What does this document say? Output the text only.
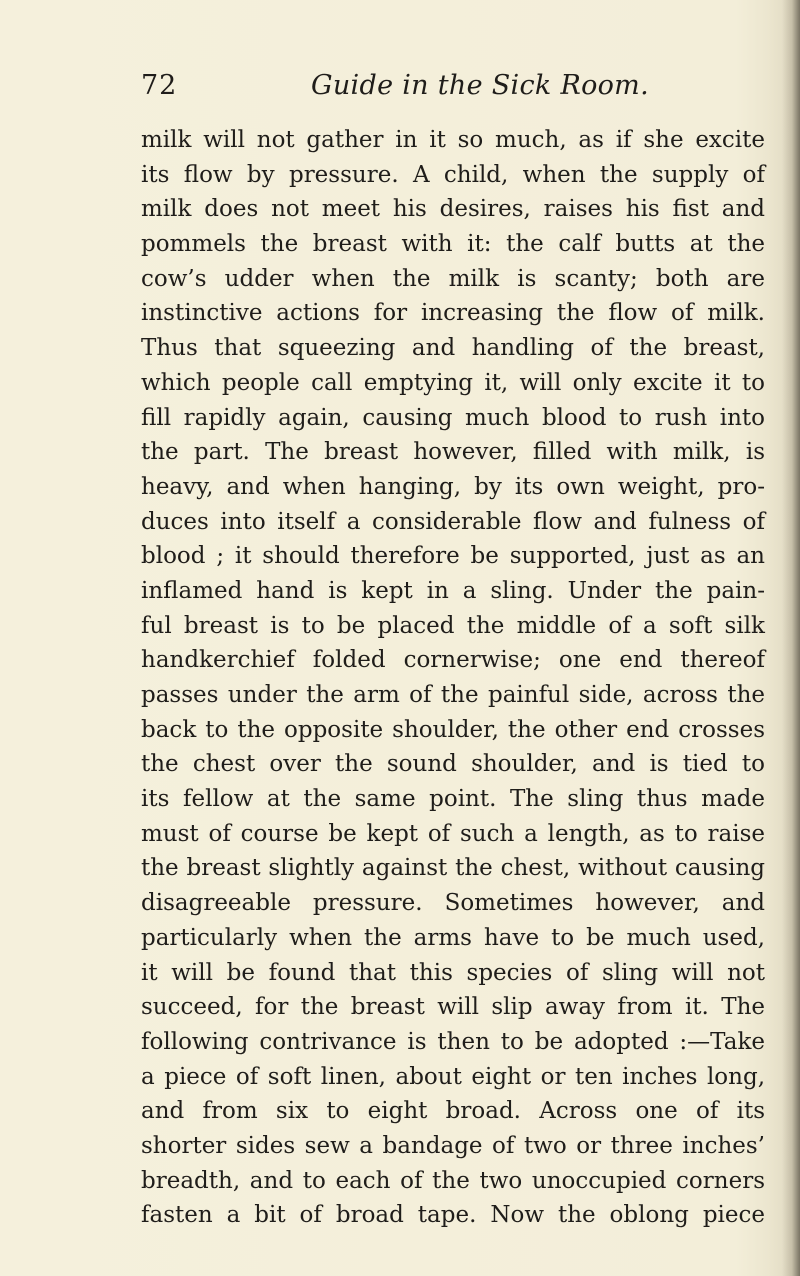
72	Guide in the Sick Room.
milk will not gather in it so much, as if she excite
its flow by pressure. A child, when the supply of
milk does not meet his desires, raises his fist and
pommels the breast with it: the calf butts at the
cow’s udder when the milk is scanty; both are
instinctive actions for increasing the flow of milk.
Thus that squeezing and handling of the breast,
which people call emptying it, will only excite it to
fill rapidly again, causing much blood to rush into
the part. The breast however, filled with milk, is
heavy, and when hanging, by its own weight, pro-
duces into itself a considerable flow and fulness of
blood ; it should therefore be supported, just as an
inflamed hand is kept in a sling. Under the pain-
ful breast is to be placed the middle of a soft silk
handkerchief folded cornerwise; one end thereof
passes under the arm of the painful side, across the
back to the opposite shoulder, the other end crosses
the chest over the sound shoulder, and is tied to
its fellow at the same point. The sling thus made
must of course be kept of such a length, as to raise
the breast slightly against the chest, without causing
disagreeable pressure. Sometimes however, and
particularly when the arms have to be much used,
it will be found that this species of sling will not
succeed, for the breast will slip away from it. The
following contrivance is then to be adopted :—Take
a piece of soft linen, about eight or ten inches long,
and from six to eight broad. Across one of its
shorter sides sew a bandage of two or three inches’
breadth, and to each of the two unoccupied corners
fasten a bit of broad tape. Now the oblong piece
